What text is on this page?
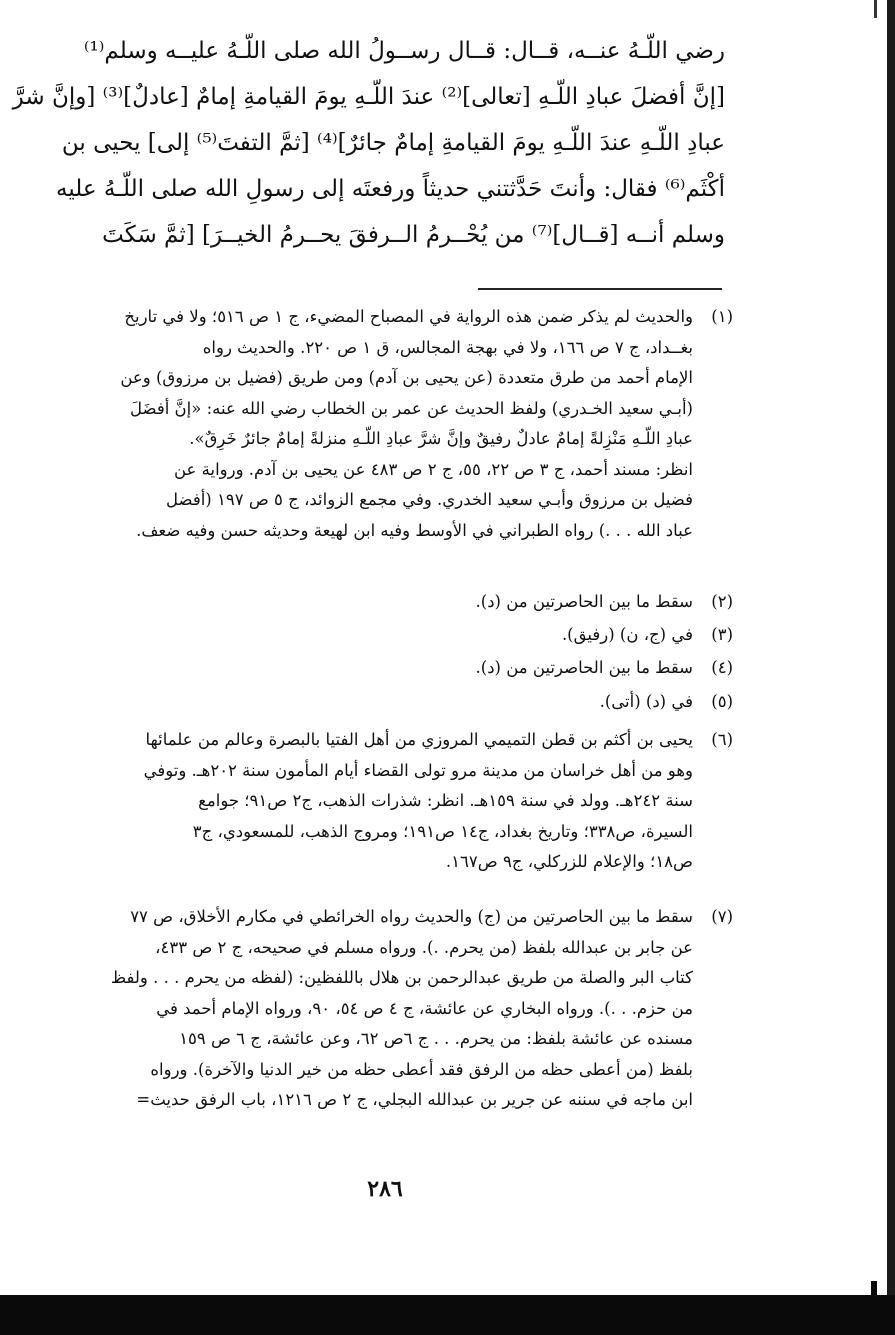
رضي اللّـهُ عنــه، قــال: قــال رســولُ الله صلى اللّـهُ عليــه وسلم⁽¹⁾
[إنَّ أفضلَ عبادِ اللّـهِ [تعالى]⁽²⁾ عندَ اللّـهِ يومَ القيامةِ إمامٌ [عادلٌ]⁽³⁾ [وإنَّ شرَّ
عبادِ اللّـهِ عندَ اللّـهِ يومَ القيامةِ إمامٌ جائرٌ]⁽⁴⁾ [ثمَّ التفتَ⁽⁵⁾ إلى] يحيى بن
أكْثَم⁽⁶⁾ فقال: وأنتَ حَدَّثتني حديثاً ورفعتَه إلى رسولِ الله صلى اللّـهُ عليه
وسلم أنــه [قــال]⁽⁷⁾ من يُحْــرمُ الــرفقَ يحــرمُ الخيــرَ] [ثمَّ سَكَتَ
(١)
والحديث لم يذكر ضمن هذه الرواية في المصباح المضيء، ج ١ ص ٥١٦؛ ولا في تاريخ
بغــداد، ج ٧ ص ١٦٦، ولا في بهجة المجالس، ق ١ ص ٢٢٠. والحديث رواه
الإمام أحمد من طرق متعددة (عن يحيى بن آدم) ومن طريق (فضيل بن مرزوق) وعن
(أبـي سعيد الخـدري) ولفظ الحديث عن عمر بن الخطاب رضي الله عنه: «إنَّ أفضَلَ
عبادِ اللّـهِ مَنْزِلةً إمامٌ عادلٌ رفيقٌ وإنَّ شرَّ عبادِ اللّـهِ منزلةً إمامٌ جائرٌ خَرِقٌ».
انظر: مسند أحمد، ج ٣ ص ٢٢، ٥٥، ج ٢ ص ٤٨٣ عن يحيى بن آدم. ورواية عن
فضيل بن مرزوق وأبـي سعيد الخدري. وفي مجمع الزوائد، ج ٥ ص ١٩٧ (أفضل
عباد الله . . .) رواه الطبراني في الأوسط وفيه ابن لهيعة وحديثه حسن وفيه ضعف.
(٢)
سقط ما بين الحاصرتين من (د).
(٣)
في (ج، ن) (رفيق).
(٤)
سقط ما بين الحاصرتين من (د).
(٥)
في (د) (أتى).
(٦)
يحيى بن أكثم بن قطن التميمي المروزي من أهل الفتيا بالبصرة وعالم من علمائها
وهو من أهل خراسان من مدينة مرو تولى القضاء أيام المأمون سنة ٢٠٢هـ. وتوفي
سنة ٢٤٢هـ. وولد في سنة ١٥٩هـ. انظر: شذرات الذهب، ج٢ ص٩١؛ جوامع
السيرة، ص٣٣٨؛ وتاريخ بغداد، ج١٤ ص١٩١؛ ومروج الذهب، للمسعودي، ج٣
ص١٨؛ والإعلام للزركلي، ج٩ ص١٦٧.
(٧)
سقط ما بين الحاصرتين من (ج) والحديث رواه الخرائطي في مكارم الأخلاق، ص ٧٧
عن جابر بن عبدالله بلفظ (من يحرم. .). ورواه مسلم في صحيحه، ج ٢ ص ٤٣٣،
كتاب البر والصلة من طريق عبدالرحمن بن هلال باللفظين: (لفظه من يحرم . . . ولفظ
من حزم. . .). ورواه البخاري عن عائشة، ج ٤ ص ٥٤، ٩٠، ورواه الإمام أحمد في
مسنده عن عائشة بلفظ: من يحرم. . . ج ٦ص ٦٢، وعن عائشة، ج ٦ ص ١٥٩
بلفظ (من أعطى حظه من الرفق فقد أعطى حظه من خير الدنيا والآخرة). ورواه
ابن ماجه في سننه عن جرير بن عبدالله البجلي، ج ٢ ص ١٢١٦، باب الرفق حديث=
٢٨٦
